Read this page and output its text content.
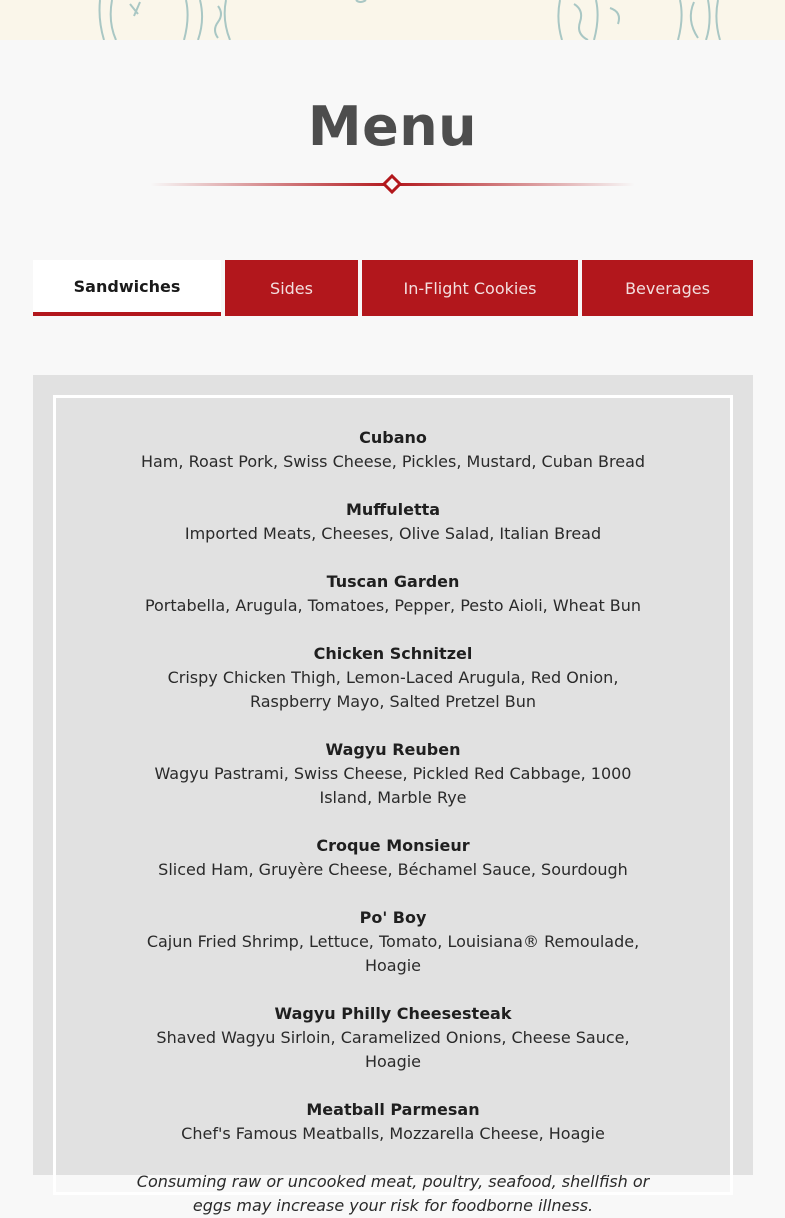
Menu
Sandwiches	Sides	In-Flight Cookies	Beverages
Cubano
Ham, Roast Pork, Swiss Cheese, Pickles, Mustard, Cuban Bread
Muffuletta
Imported Meats, Cheeses, Olive Salad, Italian Bread
Tuscan Garden
Portabella, Arugula, Tomatoes, Pepper, Pesto Aioli, Wheat Bun
Chicken Schnitzel
Crispy Chicken Thigh, Lemon-Laced Arugula, Red Onion, Raspberry Mayo, Salted Pretzel Bun
Wagyu Reuben
Wagyu Pastrami, Swiss Cheese, Pickled Red Cabbage, 1000 Island, Marble Rye
Croque Monsieur
Sliced Ham, Gruyère Cheese, Béchamel Sauce, Sourdough
Po' Boy
Cajun Fried Shrimp, Lettuce, Tomato, Louisiana® Remoulade, Hoagie
Wagyu Philly Cheesesteak
Shaved Wagyu Sirloin, Caramelized Onions, Cheese Sauce, Hoagie
Meatball Parmesan
Chef's Famous Meatballs, Mozzarella Cheese, Hoagie
Consuming raw or uncooked meat, poultry, seafood, shellfish or eggs may increase your risk for foodborne illness.
